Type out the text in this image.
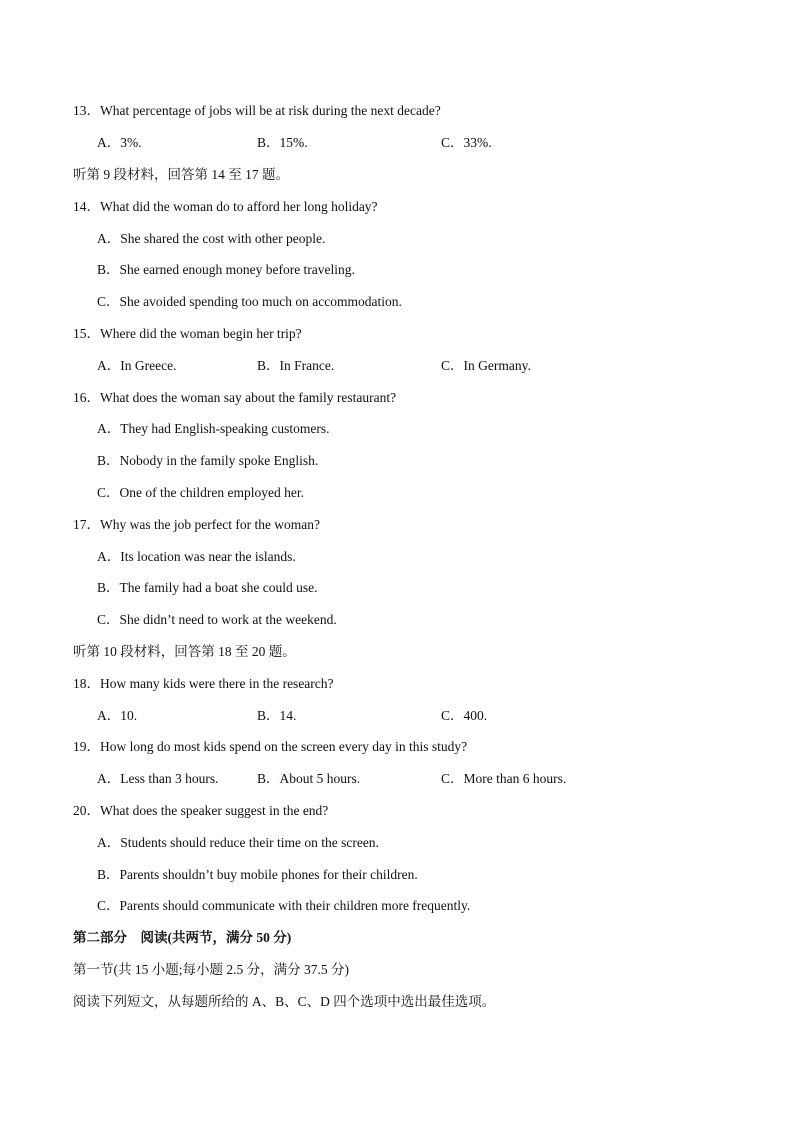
13．What percentage of jobs will be at risk during the next decade?
A．3%.	B．15%.	C．33%.
听第 9 段材料，回答第 14 至 17 题。
14．What did the woman do to afford her long holiday?
A．She shared the cost with other people.
B．She earned enough money before traveling.
C．She avoided spending too much on accommodation.
15．Where did the woman begin her trip?
A．In Greece.	B．In France.	C．In Germany.
16．What does the woman say about the family restaurant?
A．They had English-speaking customers.
B．Nobody in the family spoke English.
C．One of the children employed her.
17．Why was the job perfect for the woman?
A．Its location was near the islands.
B．The family had a boat she could use.
C．She didn’t need to work at the weekend.
听第 10 段材料，回答第 18 至 20 题。
18．How many kids were there in the research?
A．10.	B．14.	C．400.
19．How long do most kids spend on the screen every day in this study?
A．Less than 3 hours.	B．About 5 hours.	C．More than 6 hours.
20．What does the speaker suggest in the end?
A．Students should reduce their time on the screen.
B．Parents shouldn’t buy mobile phones for their children.
C．Parents should communicate with their children more frequently.
第二部分　阅读(共两节，满分 50 分)
第一节(共 15 小题;每小题 2.5 分，满分 37.5 分)
阅读下列短文，从每题所给的 A、B、C、D 四个选项中选出最佳选项。
